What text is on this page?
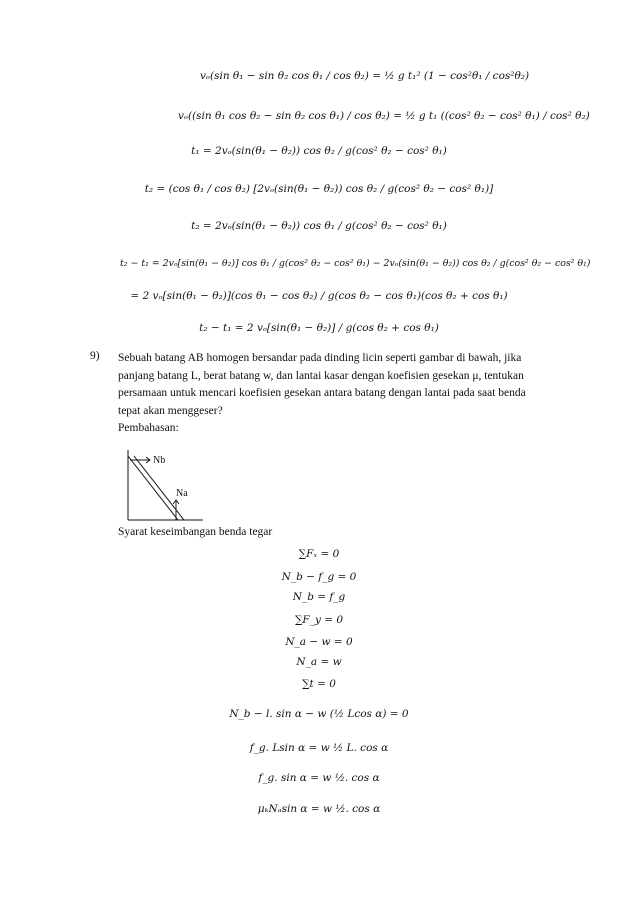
vₒ(sin θ₁ − sin θ₂ cos θ₁ / cos θ₂) = ½ g t₁² (1 − cos²θ₁ / cos²θ₂)
vₒ((sin θ₁ cos θ₂ − sin θ₂ cos θ₁) / cos θ₂) = ½ g t₁ ((cos² θ₂ − cos² θ₁) / cos² θ₂)
t₁ = 2vₒ(sin(θ₁ − θ₂)) cos θ₂ / g(cos² θ₂ − cos² θ₁)
t₂ = (cos θ₁ / cos θ₂) [2vₒ(sin(θ₁ − θ₂)) cos θ₂ / g(cos² θ₂ − cos² θ₁)]
t₂ = 2vₒ(sin(θ₁ − θ₂)) cos θ₁ / g(cos² θ₂ − cos² θ₁)
t₂ − t₁ = 2vₒ[sin(θ₁ − θ₂)] cos θ₁ / g(cos² θ₂ − cos² θ₁) − 2vₒ(sin(θ₁ − θ₂)) cos θ₂ / g(cos² θ₂ − cos² θ₁)
= 2 vₒ[sin(θ₁ − θ₂)](cos θ₁ − cos θ₂) / g(cos θ₂ − cos θ₁)(cos θ₂ + cos θ₁)
t₂ − t₁ = 2 vₒ[sin(θ₁ − θ₂)] / g(cos θ₂ + cos θ₁)
9) Sebuah batang AB homogen bersandar pada dinding licin seperti gambar di bawah, jika
panjang batang L, berat batang w, dan lantai kasar dengan koefisien gesekan μ, tentukan
persamaan untuk mencari koefisien gesekan antara batang dengan lantai pada saat benda
tepat akan menggeser?
Pembahasan:
Nb
Na
Syarat keseimbangan benda tegar
∑Fₓ = 0
N_b − f_g = 0
N_b = f_g
∑F_y = 0
N_a − w = 0
N_a = w
∑t = 0
N_b − l. sin α − w (½ Lcos α) = 0
f_g. Lsin α = w ½ L. cos α
f_g. sin α = w ½. cos α
μₖNₐsin α = w ½. cos α
